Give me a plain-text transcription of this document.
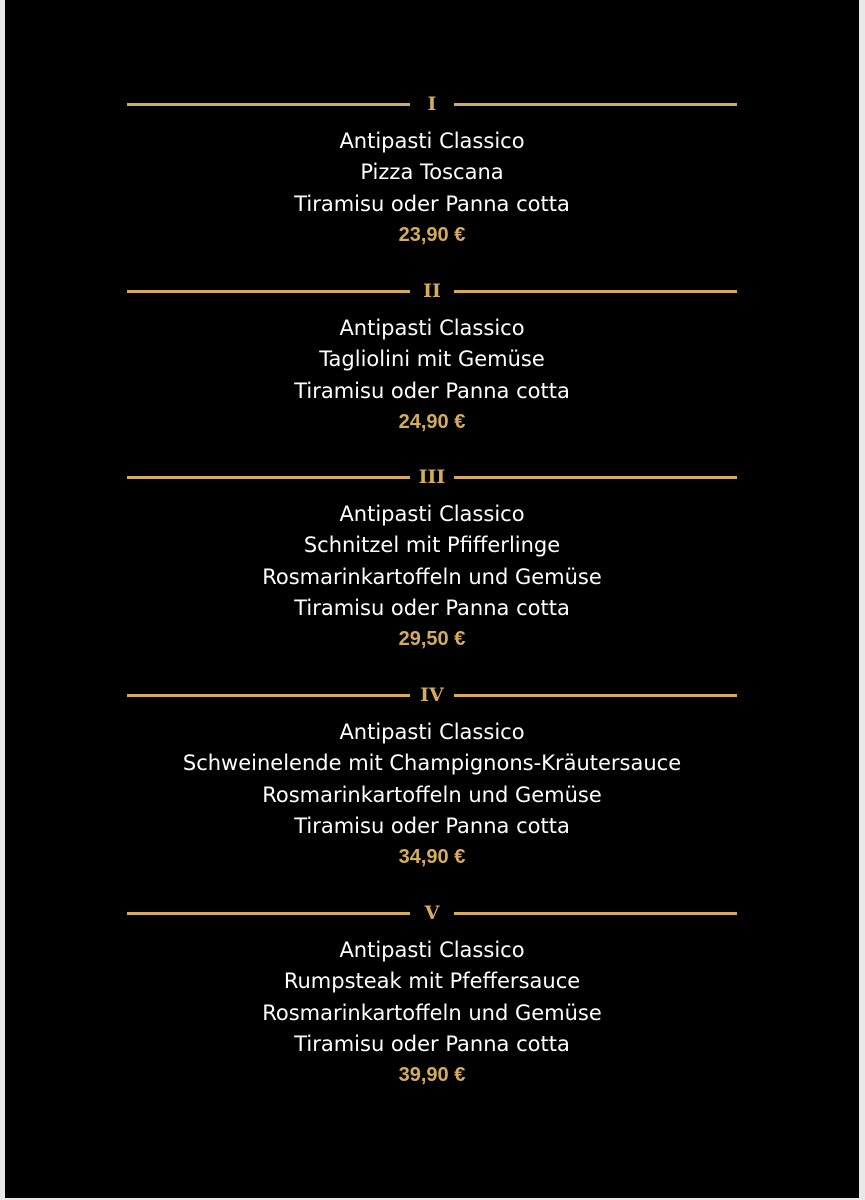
I
Antipasti Classico
Pizza Toscana
Tiramisu oder Panna cotta
23,90 €
II
Antipasti Classico
Tagliolini mit Gemüse
Tiramisu oder Panna cotta
24,90 €
III
Antipasti Classico
Schnitzel mit Pfifferlinge
Rosmarinkartoffeln und Gemüse
Tiramisu oder Panna cotta
29,50 €
IV
Antipasti Classico
Schweinelende mit Champignons-Kräutersauce
Rosmarinkartoffeln und Gemüse
Tiramisu oder Panna cotta
34,90 €
V
Antipasti Classico
Rumpsteak mit Pfeffersauce
Rosmarinkartoffeln und Gemüse
Tiramisu oder Panna cotta
39,90 €
